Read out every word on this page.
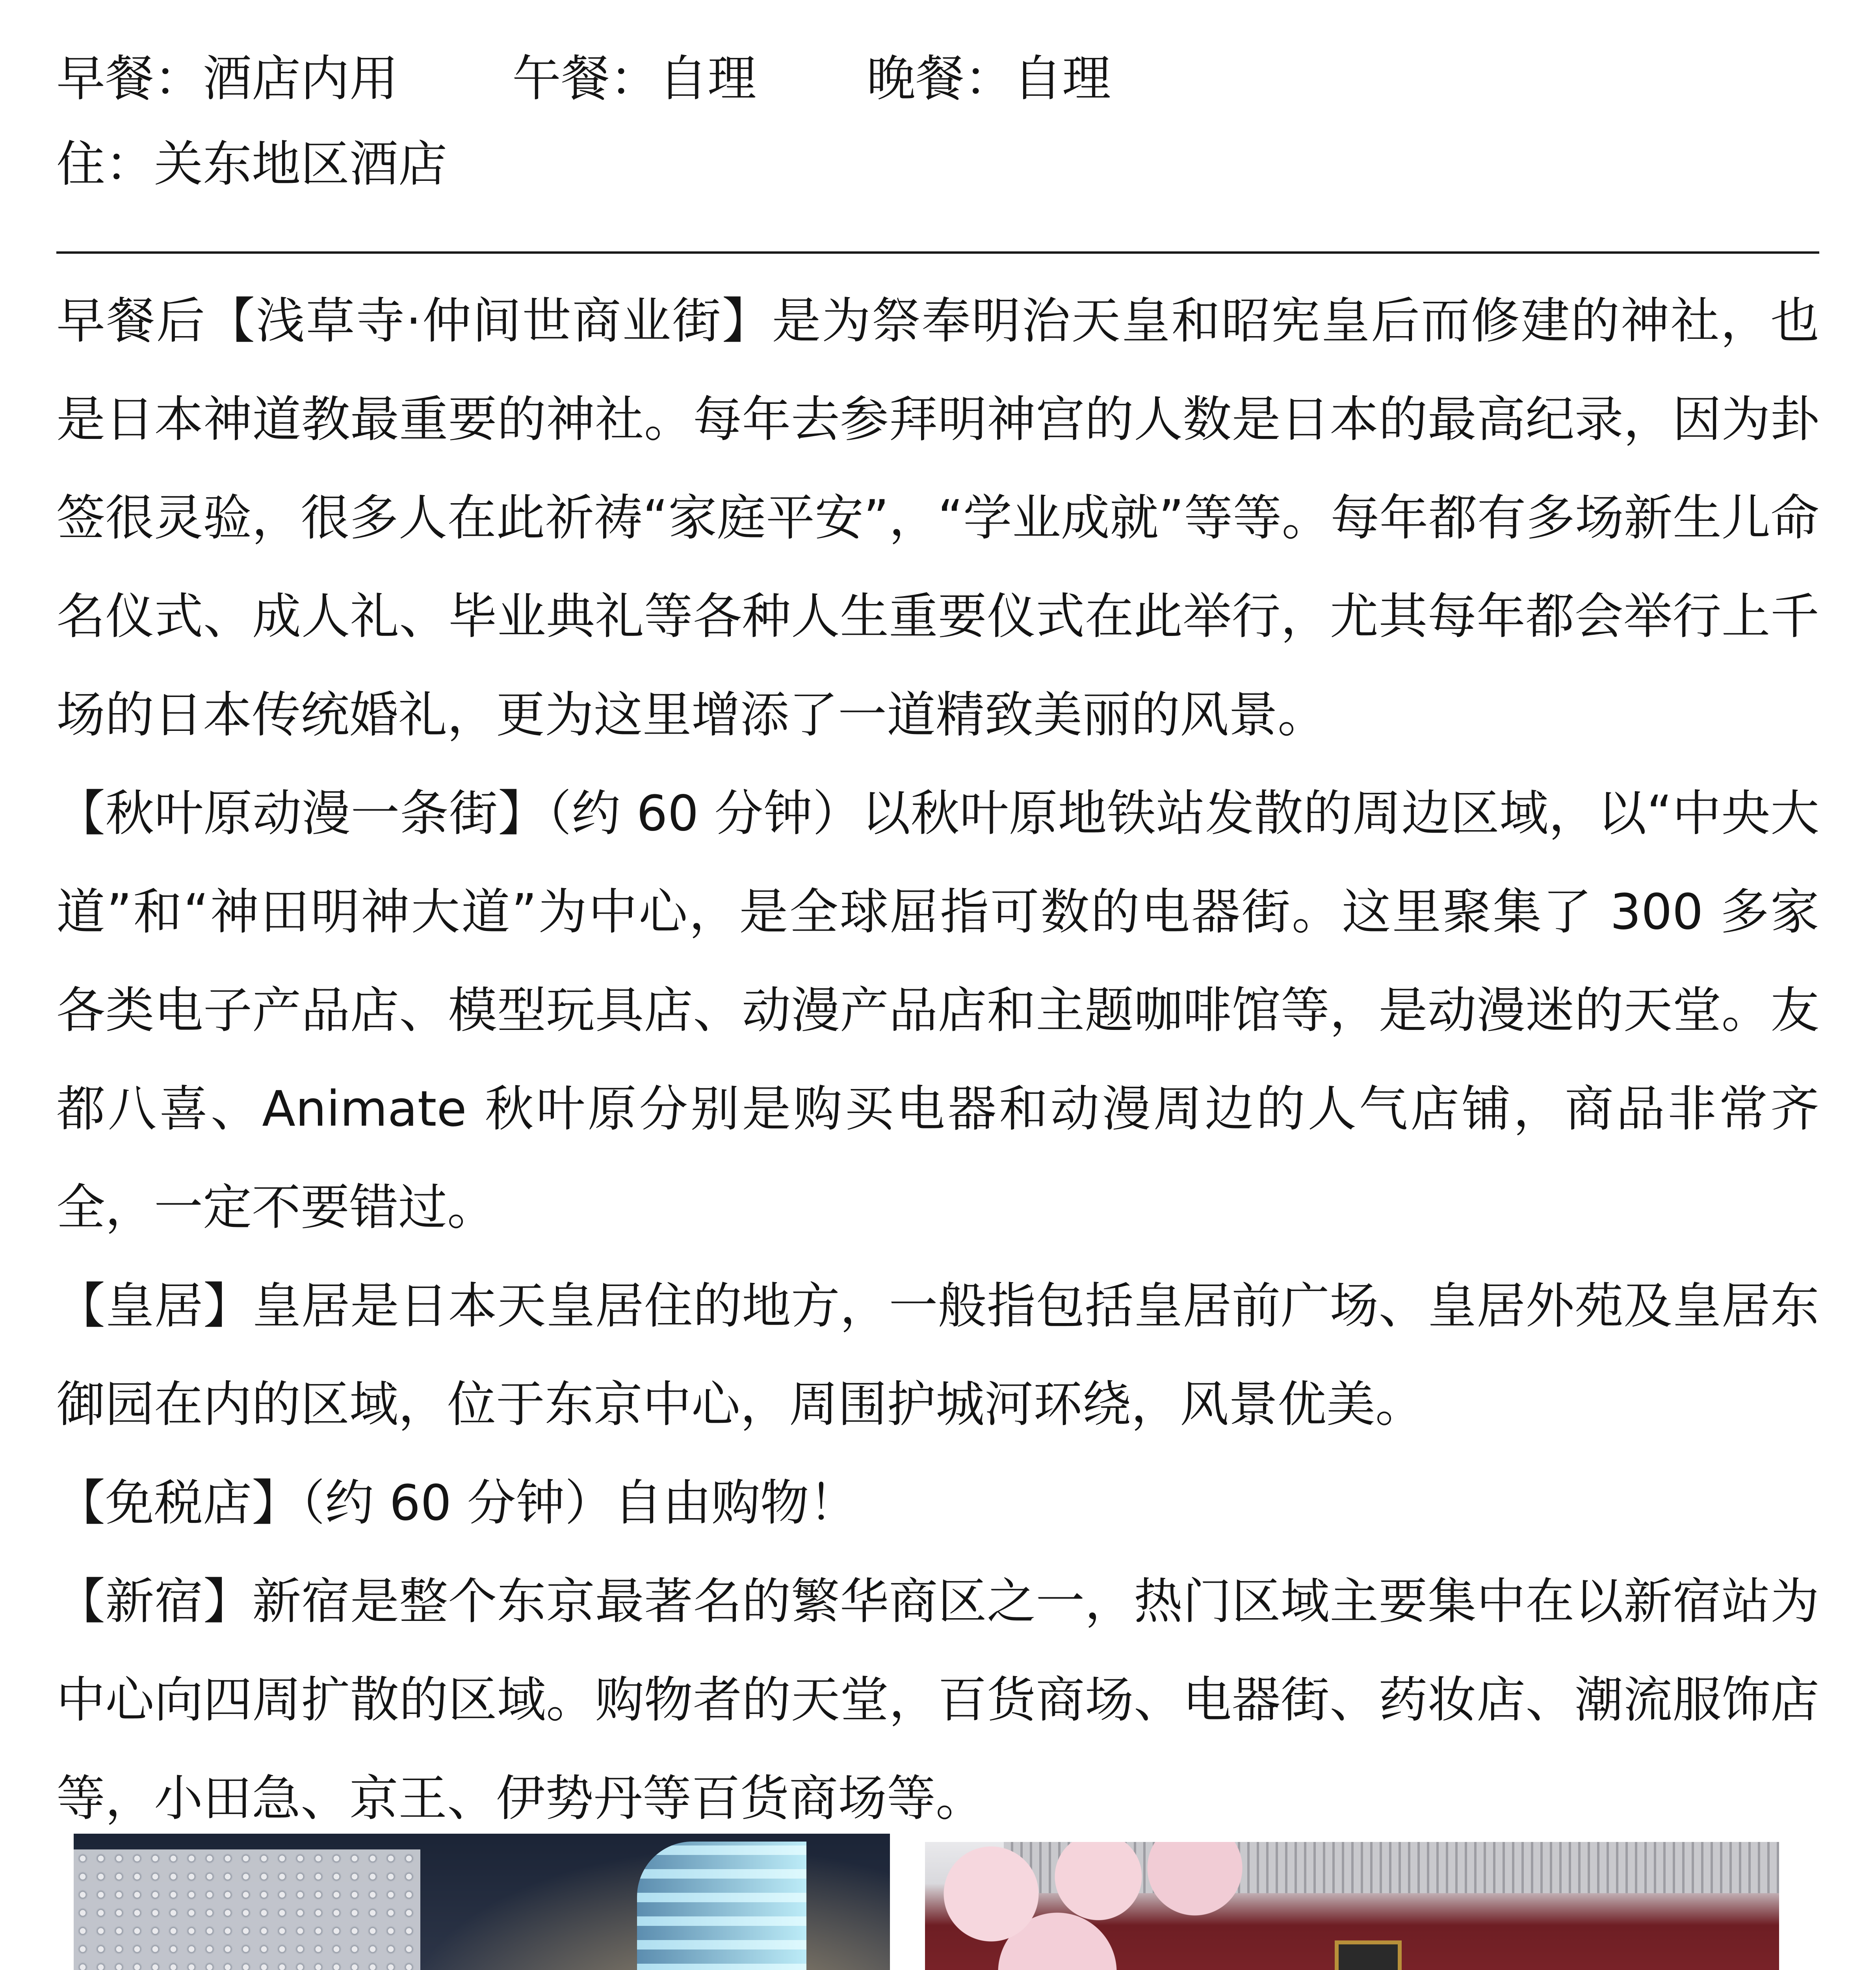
早餐：酒店内用 午餐：自理 晚餐：自理
住：关东地区酒店

早餐后【浅草寺·仲间世商业街】是为祭奉明治天皇和昭宪皇后而修建的神社，也是日本神道教最重要的神社。每年去参拜明神宫的人数是日本的最高纪录，因为卦签很灵验，很多人在此祈祷“家庭平安”，“学业成就”等等。每年都有多场新生儿命名仪式、成人礼、毕业典礼等各种人生重要仪式在此举行，尤其每年都会举行上千场的日本传统婚礼，更为这里增添了一道精致美丽的风景。

【秋叶原动漫一条街】（约 60 分钟）以秋叶原地铁站发散的周边区域，以“中央大道”和“神田明神大道”为中心，是全球屈指可数的电器街。这里聚集了 300 多家各类电子产品店、模型玩具店、动漫产品店和主题咖啡馆等，是动漫迷的天堂。友都八喜、Animate 秋叶原分别是购买电器和动漫周边的人气店铺，商品非常齐全，一定不要错过。

【皇居】皇居是日本天皇居住的地方，一般指包括皇居前广场、皇居外苑及皇居东御园在内的区域，位于东京中心，周围护城河环绕，风景优美。

【免税店】（约 60 分钟）自由购物！

【新宿】新宿是整个东京最著名的繁华商区之一，热门区域主要集中在以新宿站为中心向四周扩散的区域。购物者的天堂，百货商场、电器街、药妆店、潮流服饰店等，小田急、京王、伊势丹等百货商场等。
